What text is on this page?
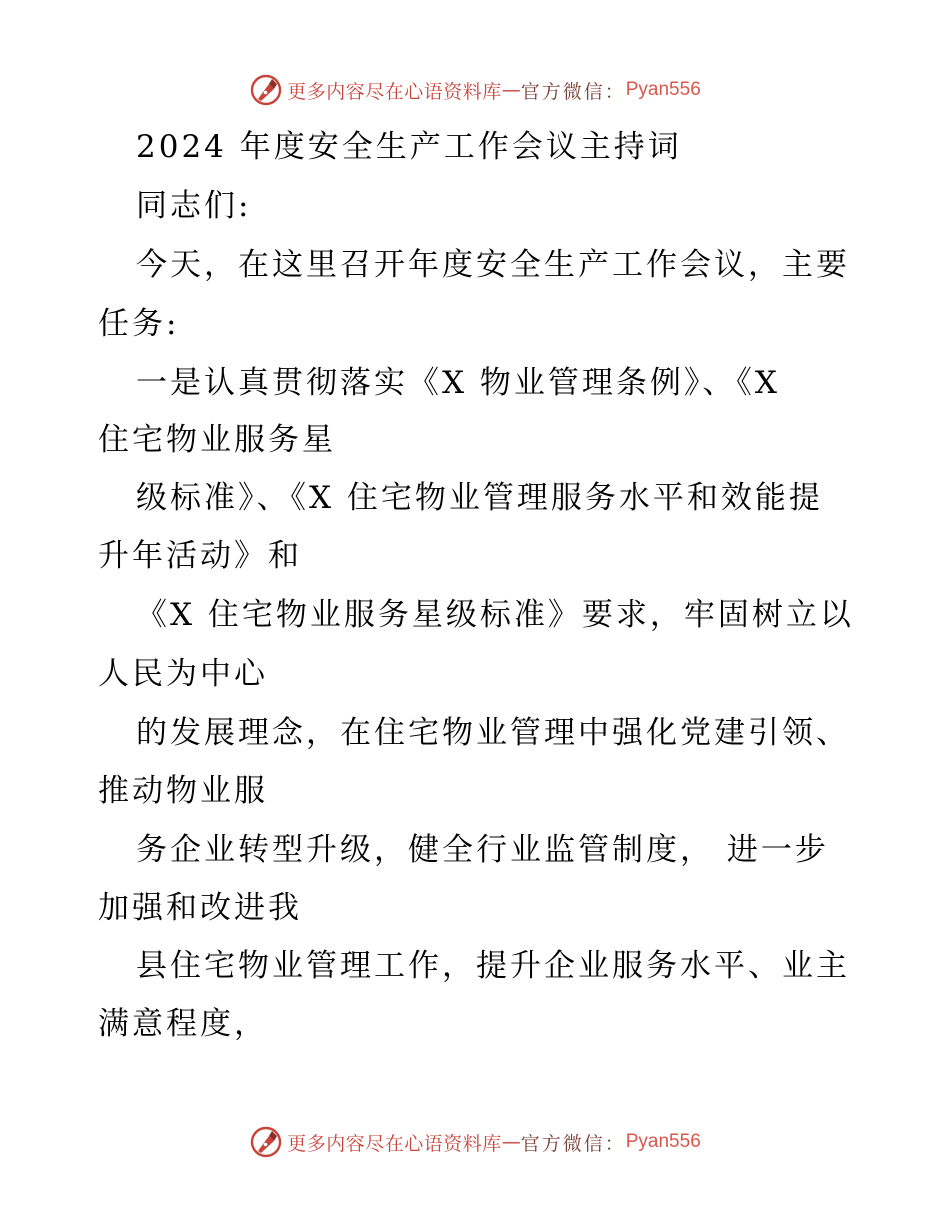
更多内容尽在心语资料库 — 官方微信： Pyan556
2024 年度安全生产工作会议主持词
同志们:
今天，在这里召开年度安全生产工作会议，主要
任务:
一是认真贯彻落实《X 物业管理条例》、《X
住宅物业服务星
级标准》、《X 住宅物业管理服务水平和效能提
升年活动》和
《X 住宅物业服务星级标准》要求，牢固树立以
人民为中心
的发展理念，在住宅物业管理中强化党建引领、
推动物业服
务企业转型升级，健全行业监管制度， 进一步
加强和改进我
县住宅物业管理工作，提升企业服务水平、业主
满意程度，
更多内容尽在心语资料库 — 官方微信： Pyan556
